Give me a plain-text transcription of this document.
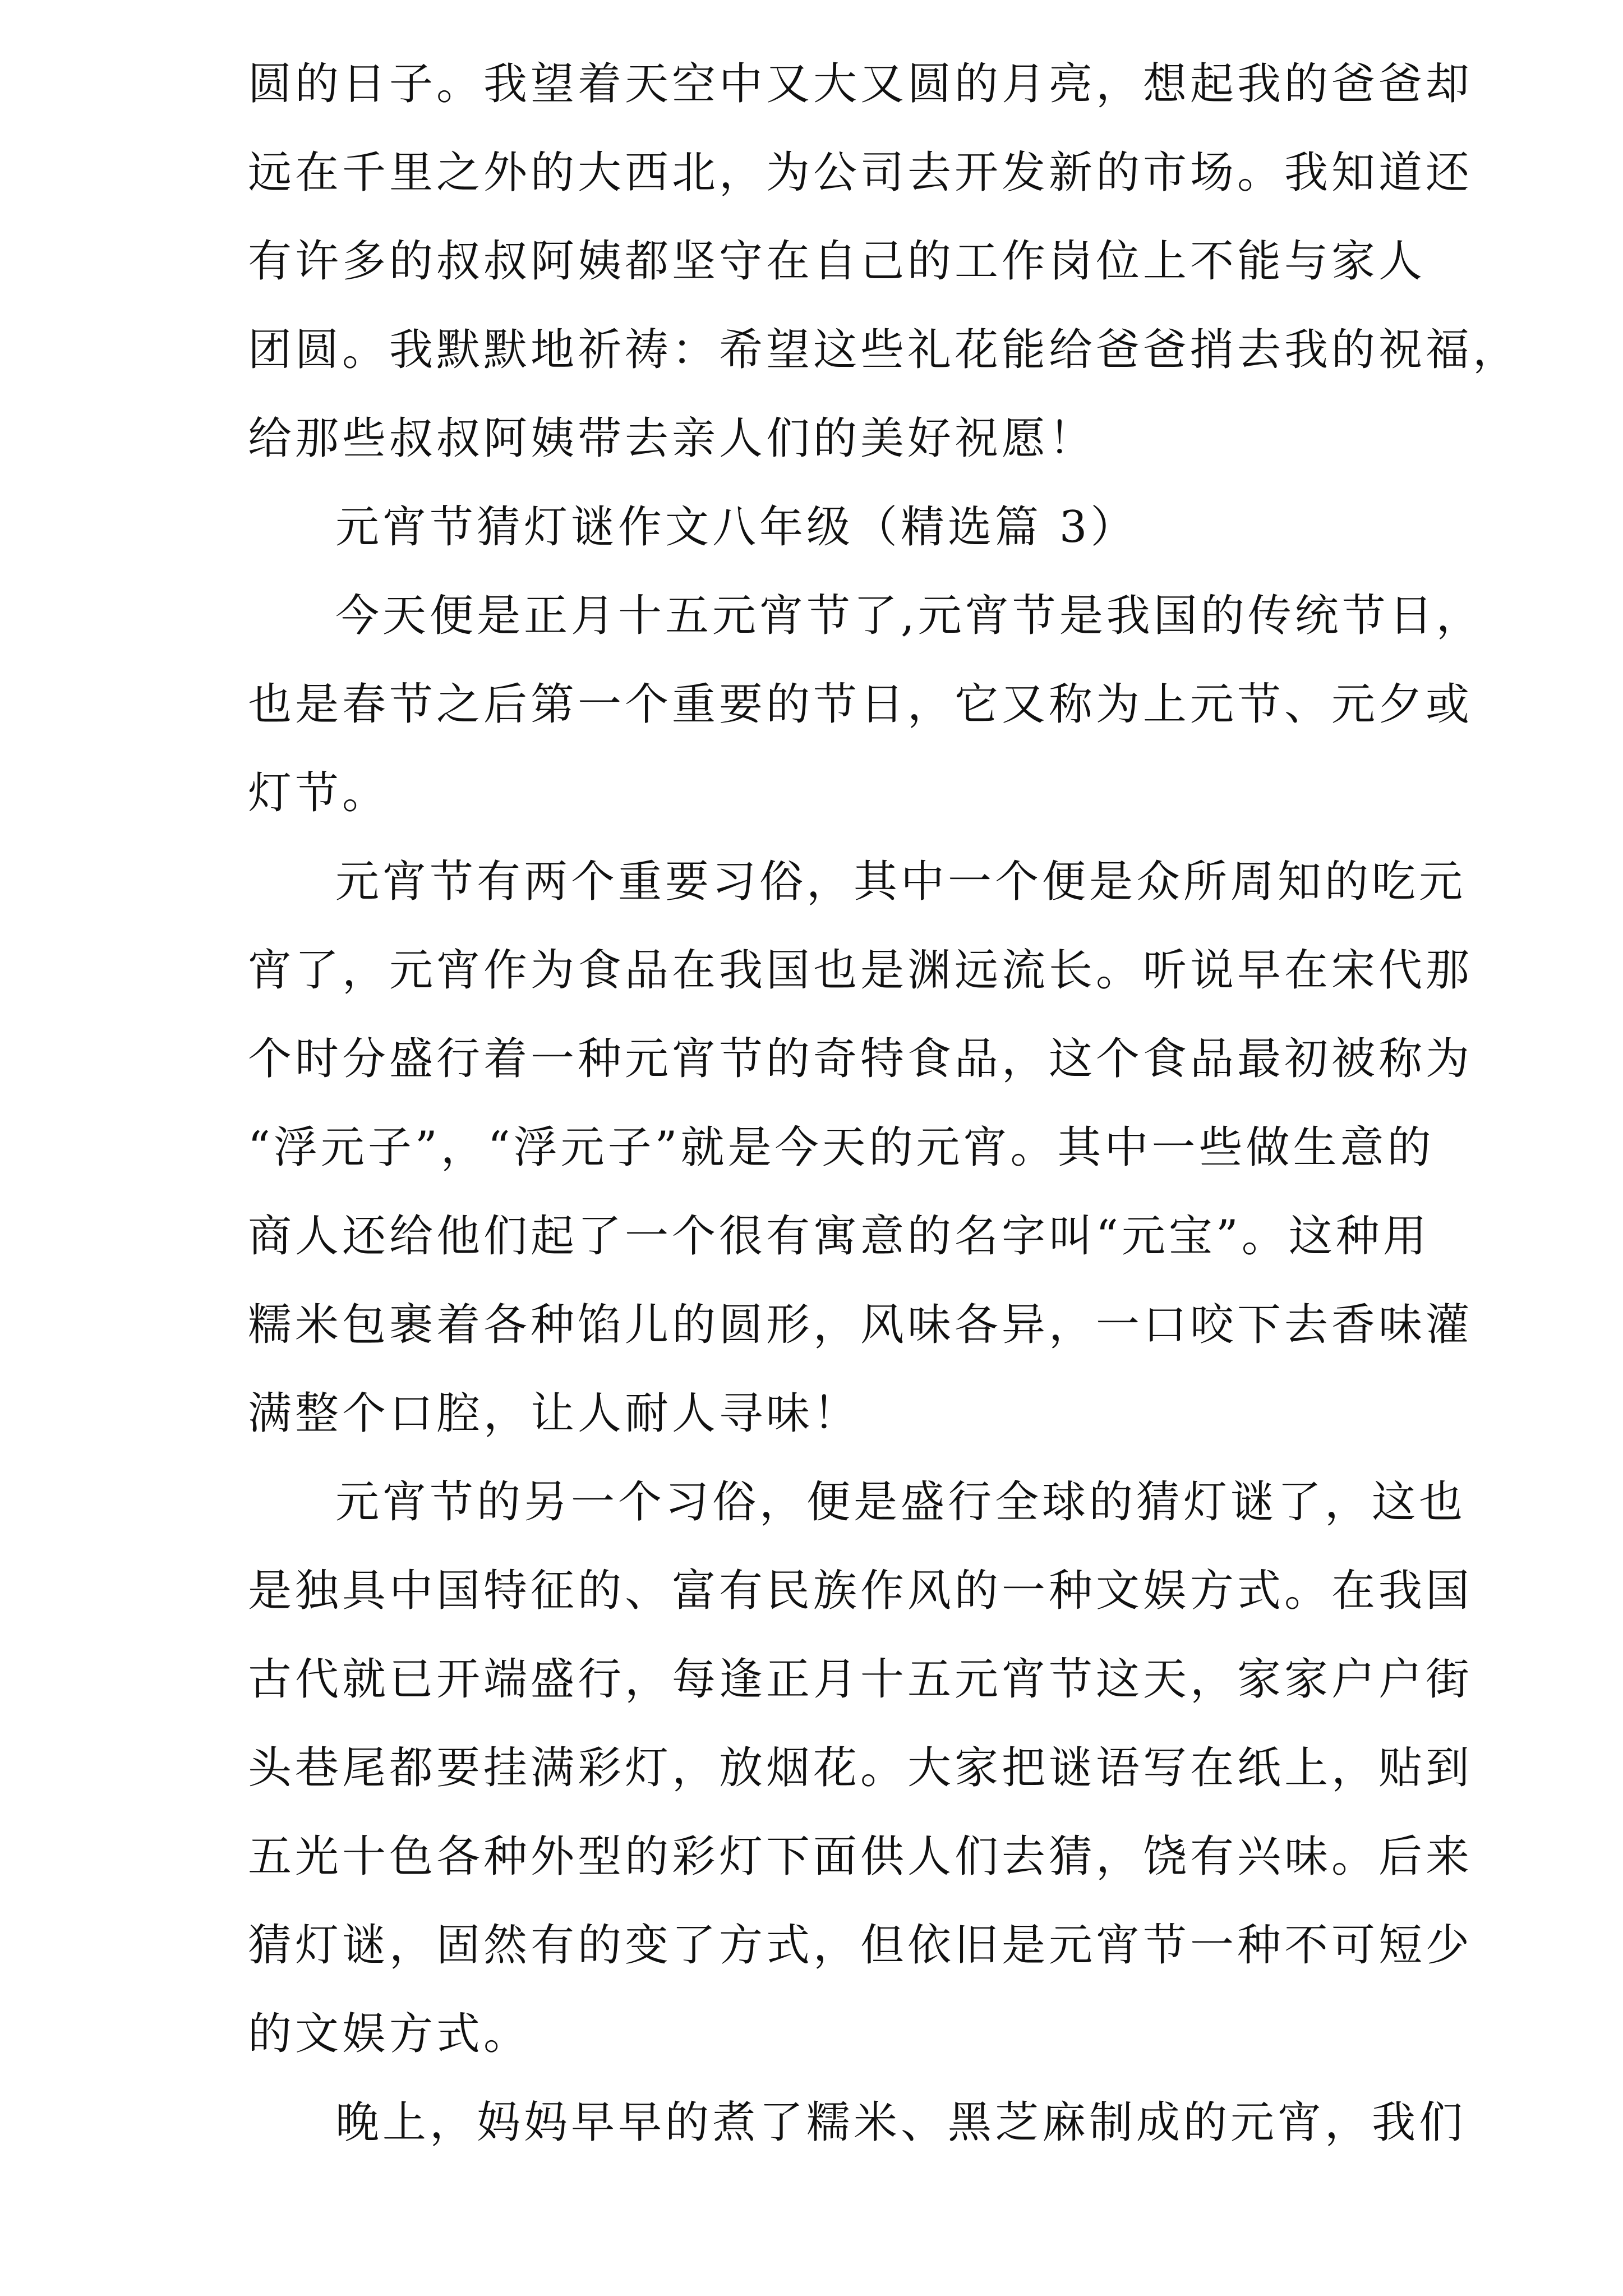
圆的日子。我望着天空中又大又圆的月亮，想起我的爸爸却
远在千里之外的大西北，为公司去开发新的市场。我知道还
有许多的叔叔阿姨都坚守在自己的工作岗位上不能与家人
团圆。我默默地祈祷：希望这些礼花能给爸爸捎去我的祝福，
给那些叔叔阿姨带去亲人们的美好祝愿！
元宵节猜灯谜作文八年级（精选篇 3）
今天便是正月十五元宵节了,元宵节是我国的传统节日，
也是春节之后第一个重要的节日，它又称为上元节、元夕或
灯节。
元宵节有两个重要习俗，其中一个便是众所周知的吃元
宵了，元宵作为食品在我国也是渊远流长。听说早在宋代那
个时分盛行着一种元宵节的奇特食品，这个食品最初被称为
“浮元子”，“浮元子”就是今天的元宵。其中一些做生意的
商人还给他们起了一个很有寓意的名字叫“元宝”。这种用
糯米包裹着各种馅儿的圆形，风味各异，一口咬下去香味灌
满整个口腔，让人耐人寻味！
元宵节的另一个习俗，便是盛行全球的猜灯谜了，这也
是独具中国特征的、富有民族作风的一种文娱方式。在我国
古代就已开端盛行，每逢正月十五元宵节这天，家家户户街
头巷尾都要挂满彩灯，放烟花。大家把谜语写在纸上，贴到
五光十色各种外型的彩灯下面供人们去猜，饶有兴味。后来
猜灯谜，固然有的变了方式，但依旧是元宵节一种不可短少
的文娱方式。
晚上，妈妈早早的煮了糯米、黑芝麻制成的元宵，我们
